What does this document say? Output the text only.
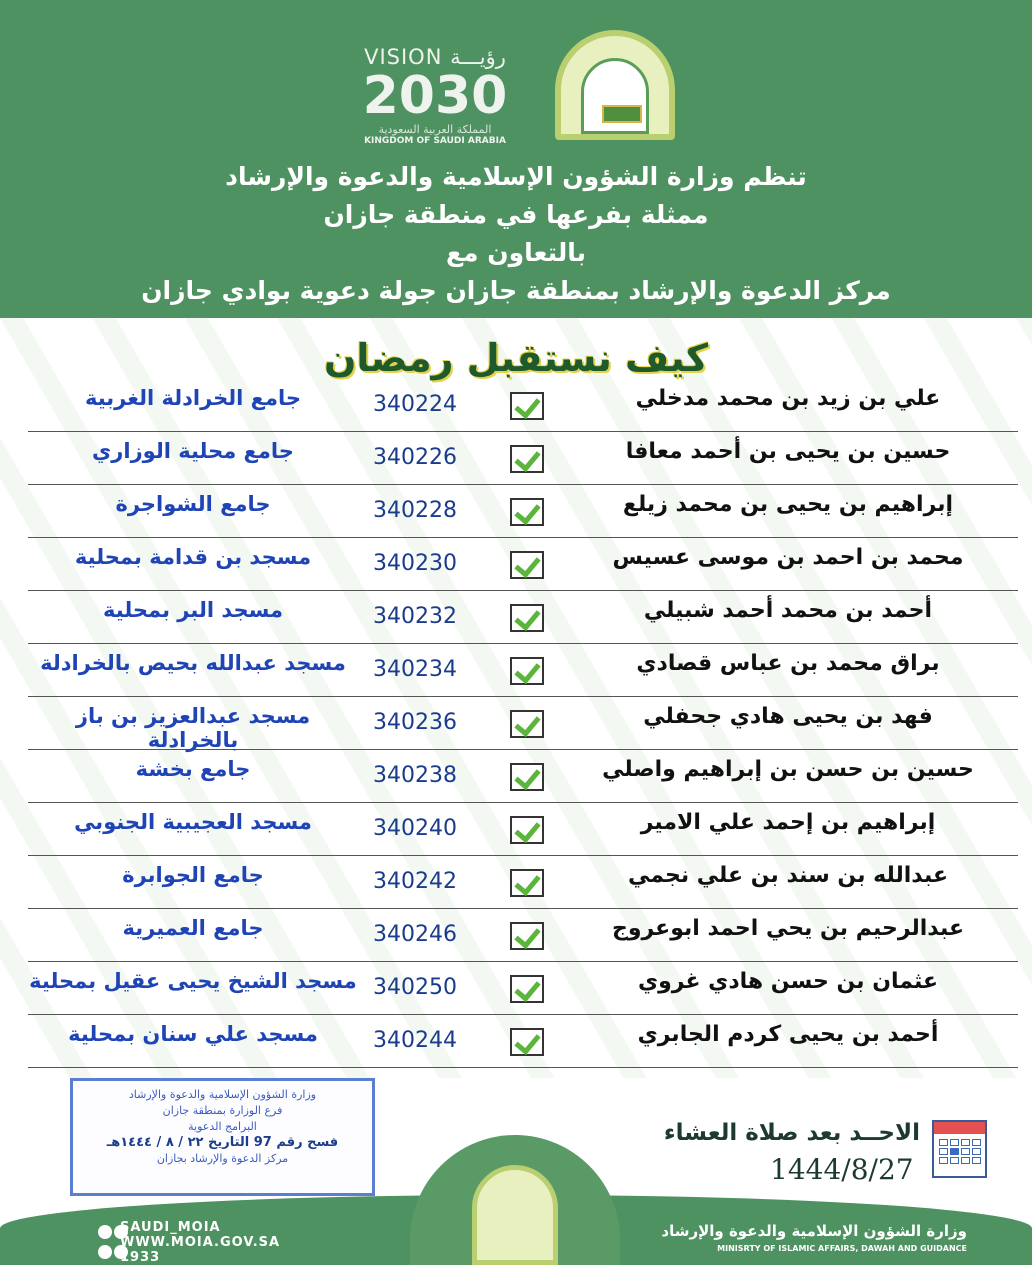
VISION رؤيـــة
2030
المملكة العربية السعودية
KINGDOM OF SAUDI ARABIA
تنظم وزارة الشؤون الإسلامية والدعوة والإرشاد
ممثلة بفرعها في منطقة جازان
بالتعاون مع
مركز الدعوة والإرشاد بمنطقة جازان جولة دعوية بوادي جازان
كيف نستقبل رمضان
علي بن زيد بن محمد مدخلي
340224
جامع الخرادلة الغربية
حسين بن يحيى بن أحمد معافا
340226
جامع محلية الوزاري
إبراهيم بن يحيى بن محمد زيلع
340228
جامع الشواجرة
محمد بن احمد بن موسى عسيس
340230
مسجد بن قدامة بمحلية
أحمد بن محمد أحمد شبيلي
340232
مسجد البر بمحلية
براق محمد بن عباس قصادي
340234
مسجد عبدالله بحيص بالخرادلة
فهد بن يحيى هادي جحفلي
340236
مسجد عبدالعزيز بن باز بالخرادلة
حسين بن حسن بن إبراهيم واصلي
340238
جامع بخشة
إبراهيم بن إحمد علي الامير
340240
مسجد العجيبية الجنوبي
عبدالله بن سند بن علي نجمي
340242
جامع الجوابرة
عبدالرحيم بن يحي احمد ابوعروج
340246
جامع العميرية
عثمان بن حسن هادي غروي
340250
مسجد الشيخ يحيى عقيل بمحلية
أحمد بن يحيى كردم الجابري
340244
مسجد علي سنان بمحلية
وزارة الشؤون الإسلامية والدعوة والإرشاد
فرع الوزارة بمنطقة جازان
البرامج الدعوية
فسح رقم 97 التاريخ ٢٢ / ٨ / ١٤٤٤هـ
مركز الدعوة والإرشاد بجازان
الاحــد بعد صلاة العشاء
1444/8/27
SAUDI_MOIA
WWW.MOIA.GOV.SA
1933
وزارة الشؤون الإسلامية والدعوة والإرشاد
MINISRTY OF ISLAMIC AFFAIRS, DAWAH AND GUIDANCE
